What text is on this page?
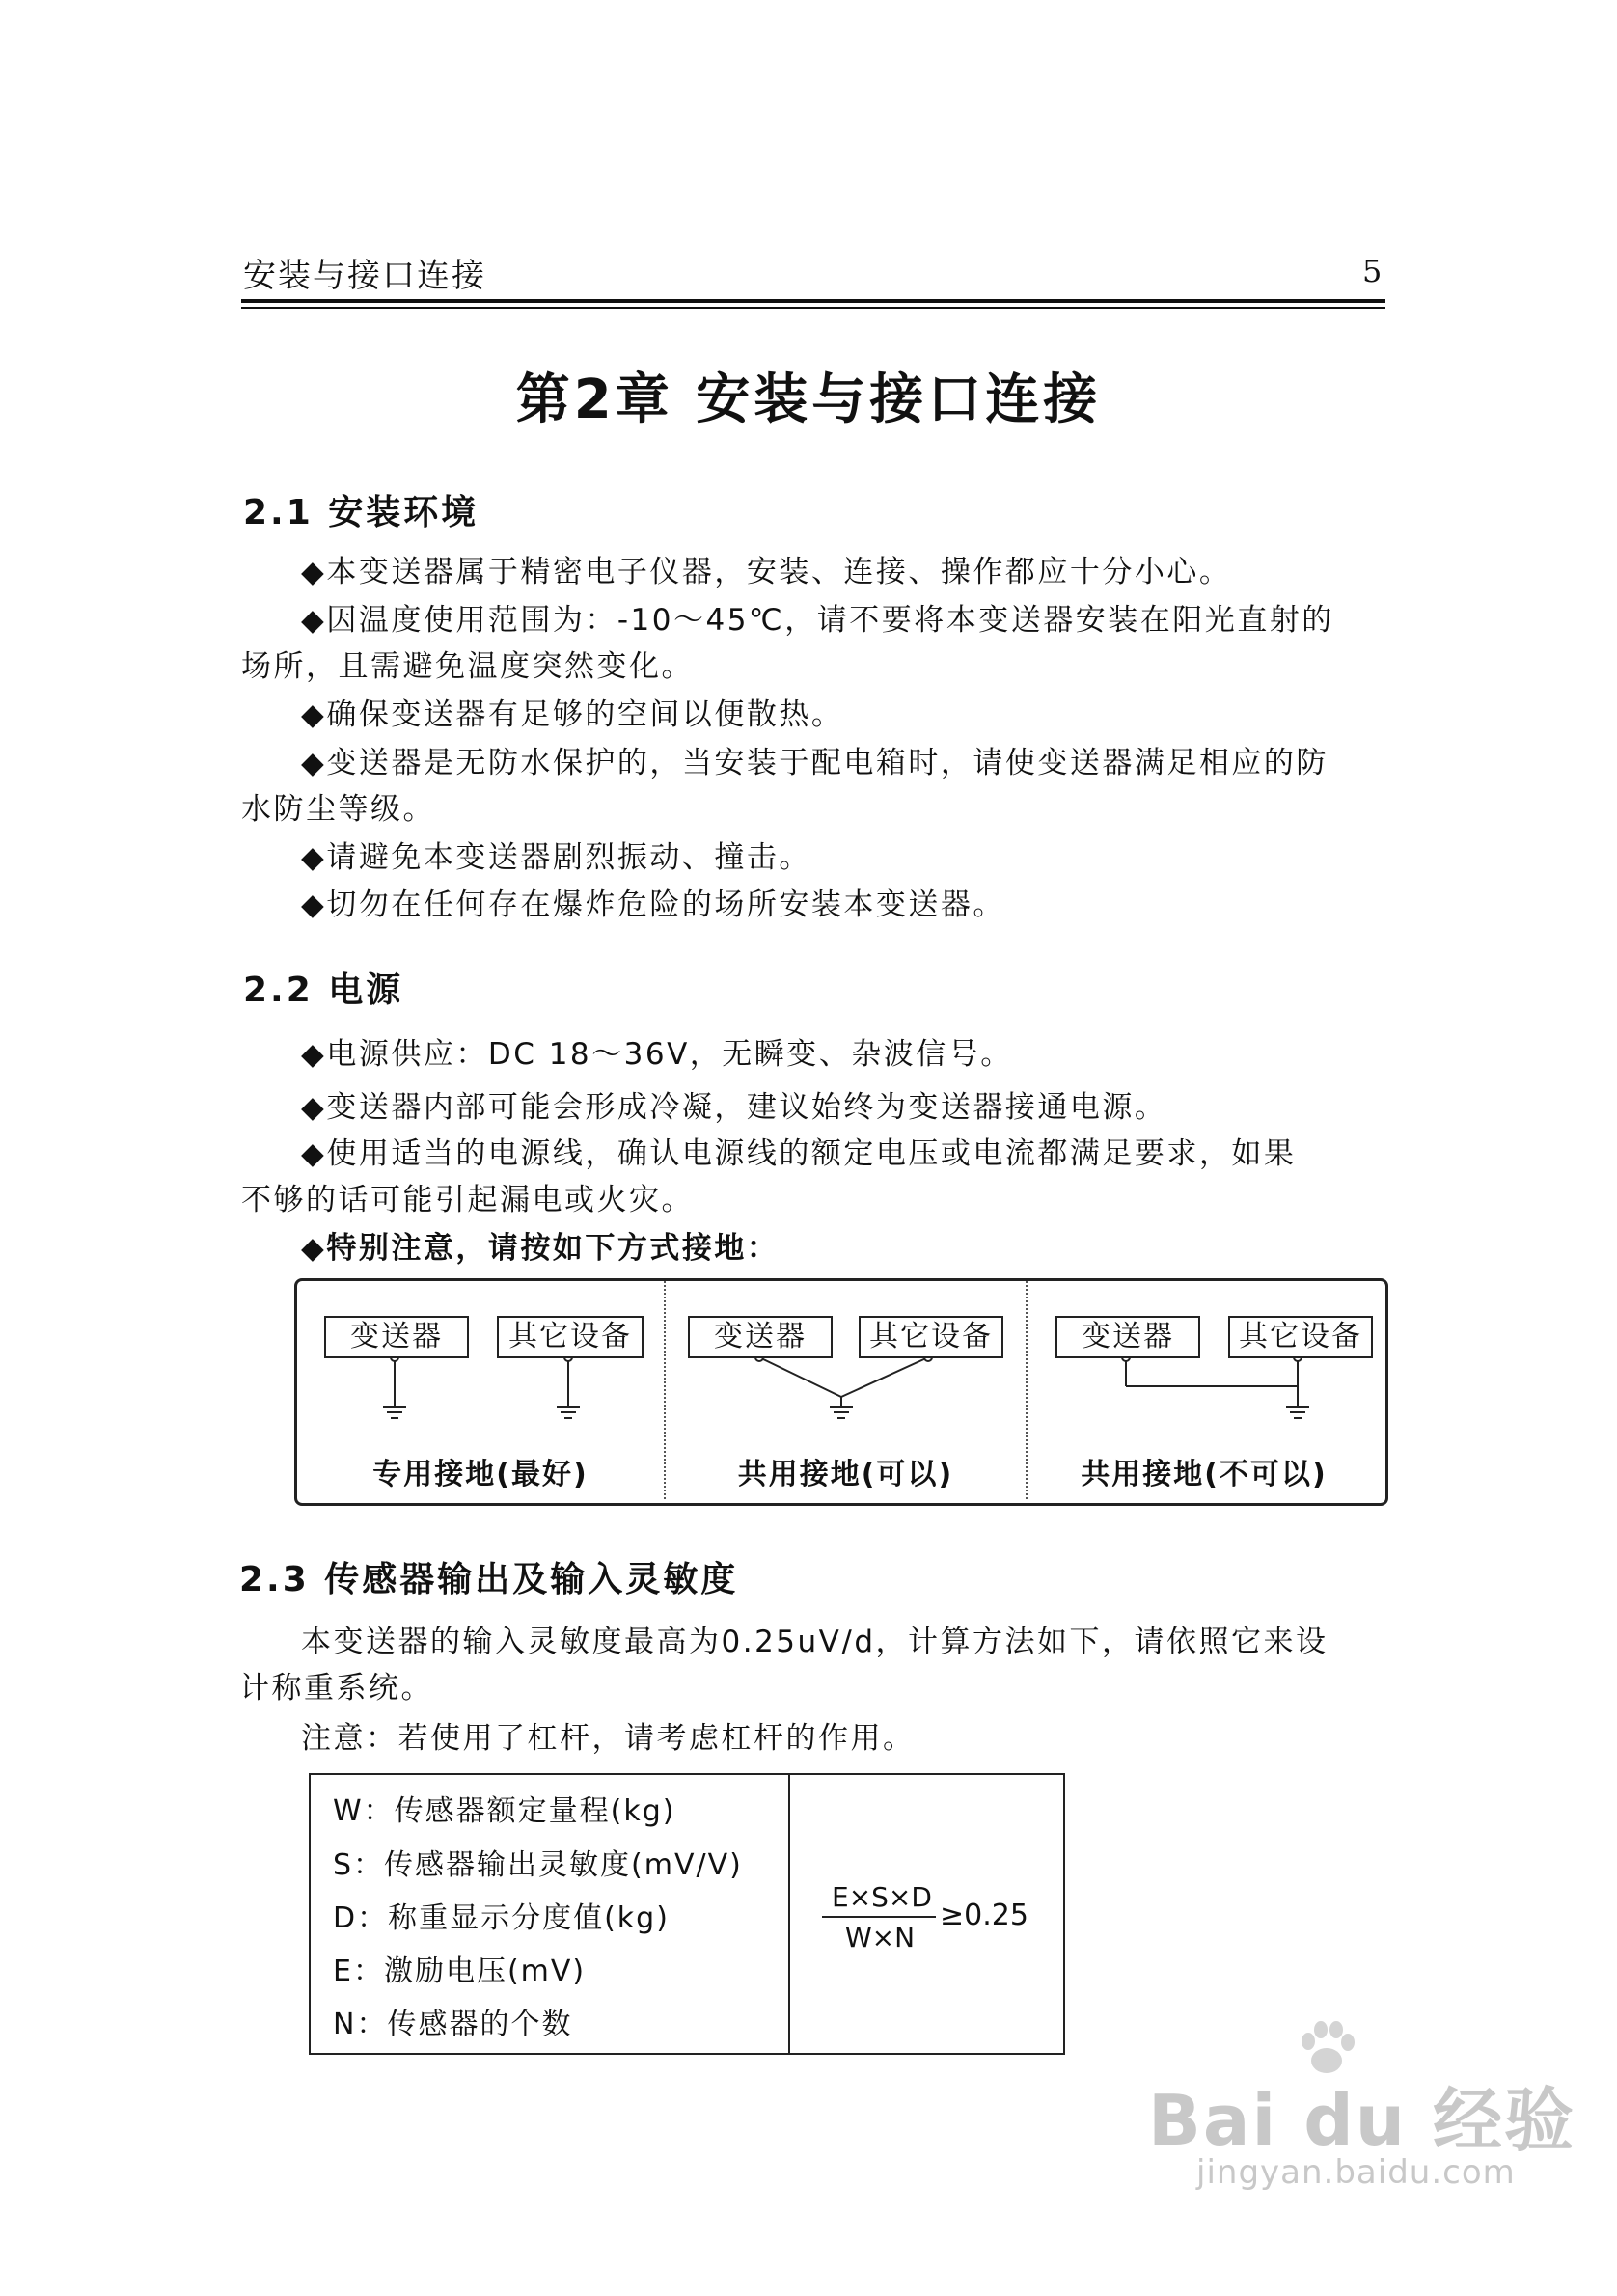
安装与接口连接	5
第2章 安装与接口连接
2.1 安装环境
◆本变送器属于精密电子仪器，安装、连接、操作都应十分小心。
◆因温度使用范围为：-10～45℃，请不要将本变送器安装在阳光直射的
场所，且需避免温度突然变化。
◆确保变送器有足够的空间以便散热。
◆变送器是无防水保护的，当安装于配电箱时，请使变送器满足相应的防
水防尘等级。
◆请避免本变送器剧烈振动、撞击。
◆切勿在任何存在爆炸危险的场所安装本变送器。
2.2 电源
◆电源供应：DC 18～36V，无瞬变、杂波信号。
◆变送器内部可能会形成冷凝，建议始终为变送器接通电源。
◆使用适当的电源线，确认电源线的额定电压或电流都满足要求，如果
不够的话可能引起漏电或火灾。
◆特别注意，请按如下方式接地：
变送器	其它设备	变送器	其它设备	变送器	其它设备
专用接地(最好)	共用接地(可以)	共用接地(不可以)
2.3 传感器输出及输入灵敏度
本变送器的输入灵敏度最高为0.25uV/d，计算方法如下，请依照它来设
计称重系统。
注意：若使用了杠杆，请考虑杠杆的作用。
W：传感器额定量程(kg)
S：传感器输出灵敏度(mV/V)
D：称重显示分度值(kg)
E：激励电压(mV)
N：传感器的个数
E×S×D
W×N
≥0.25
Bai du 经验
jingyan.baidu.com
